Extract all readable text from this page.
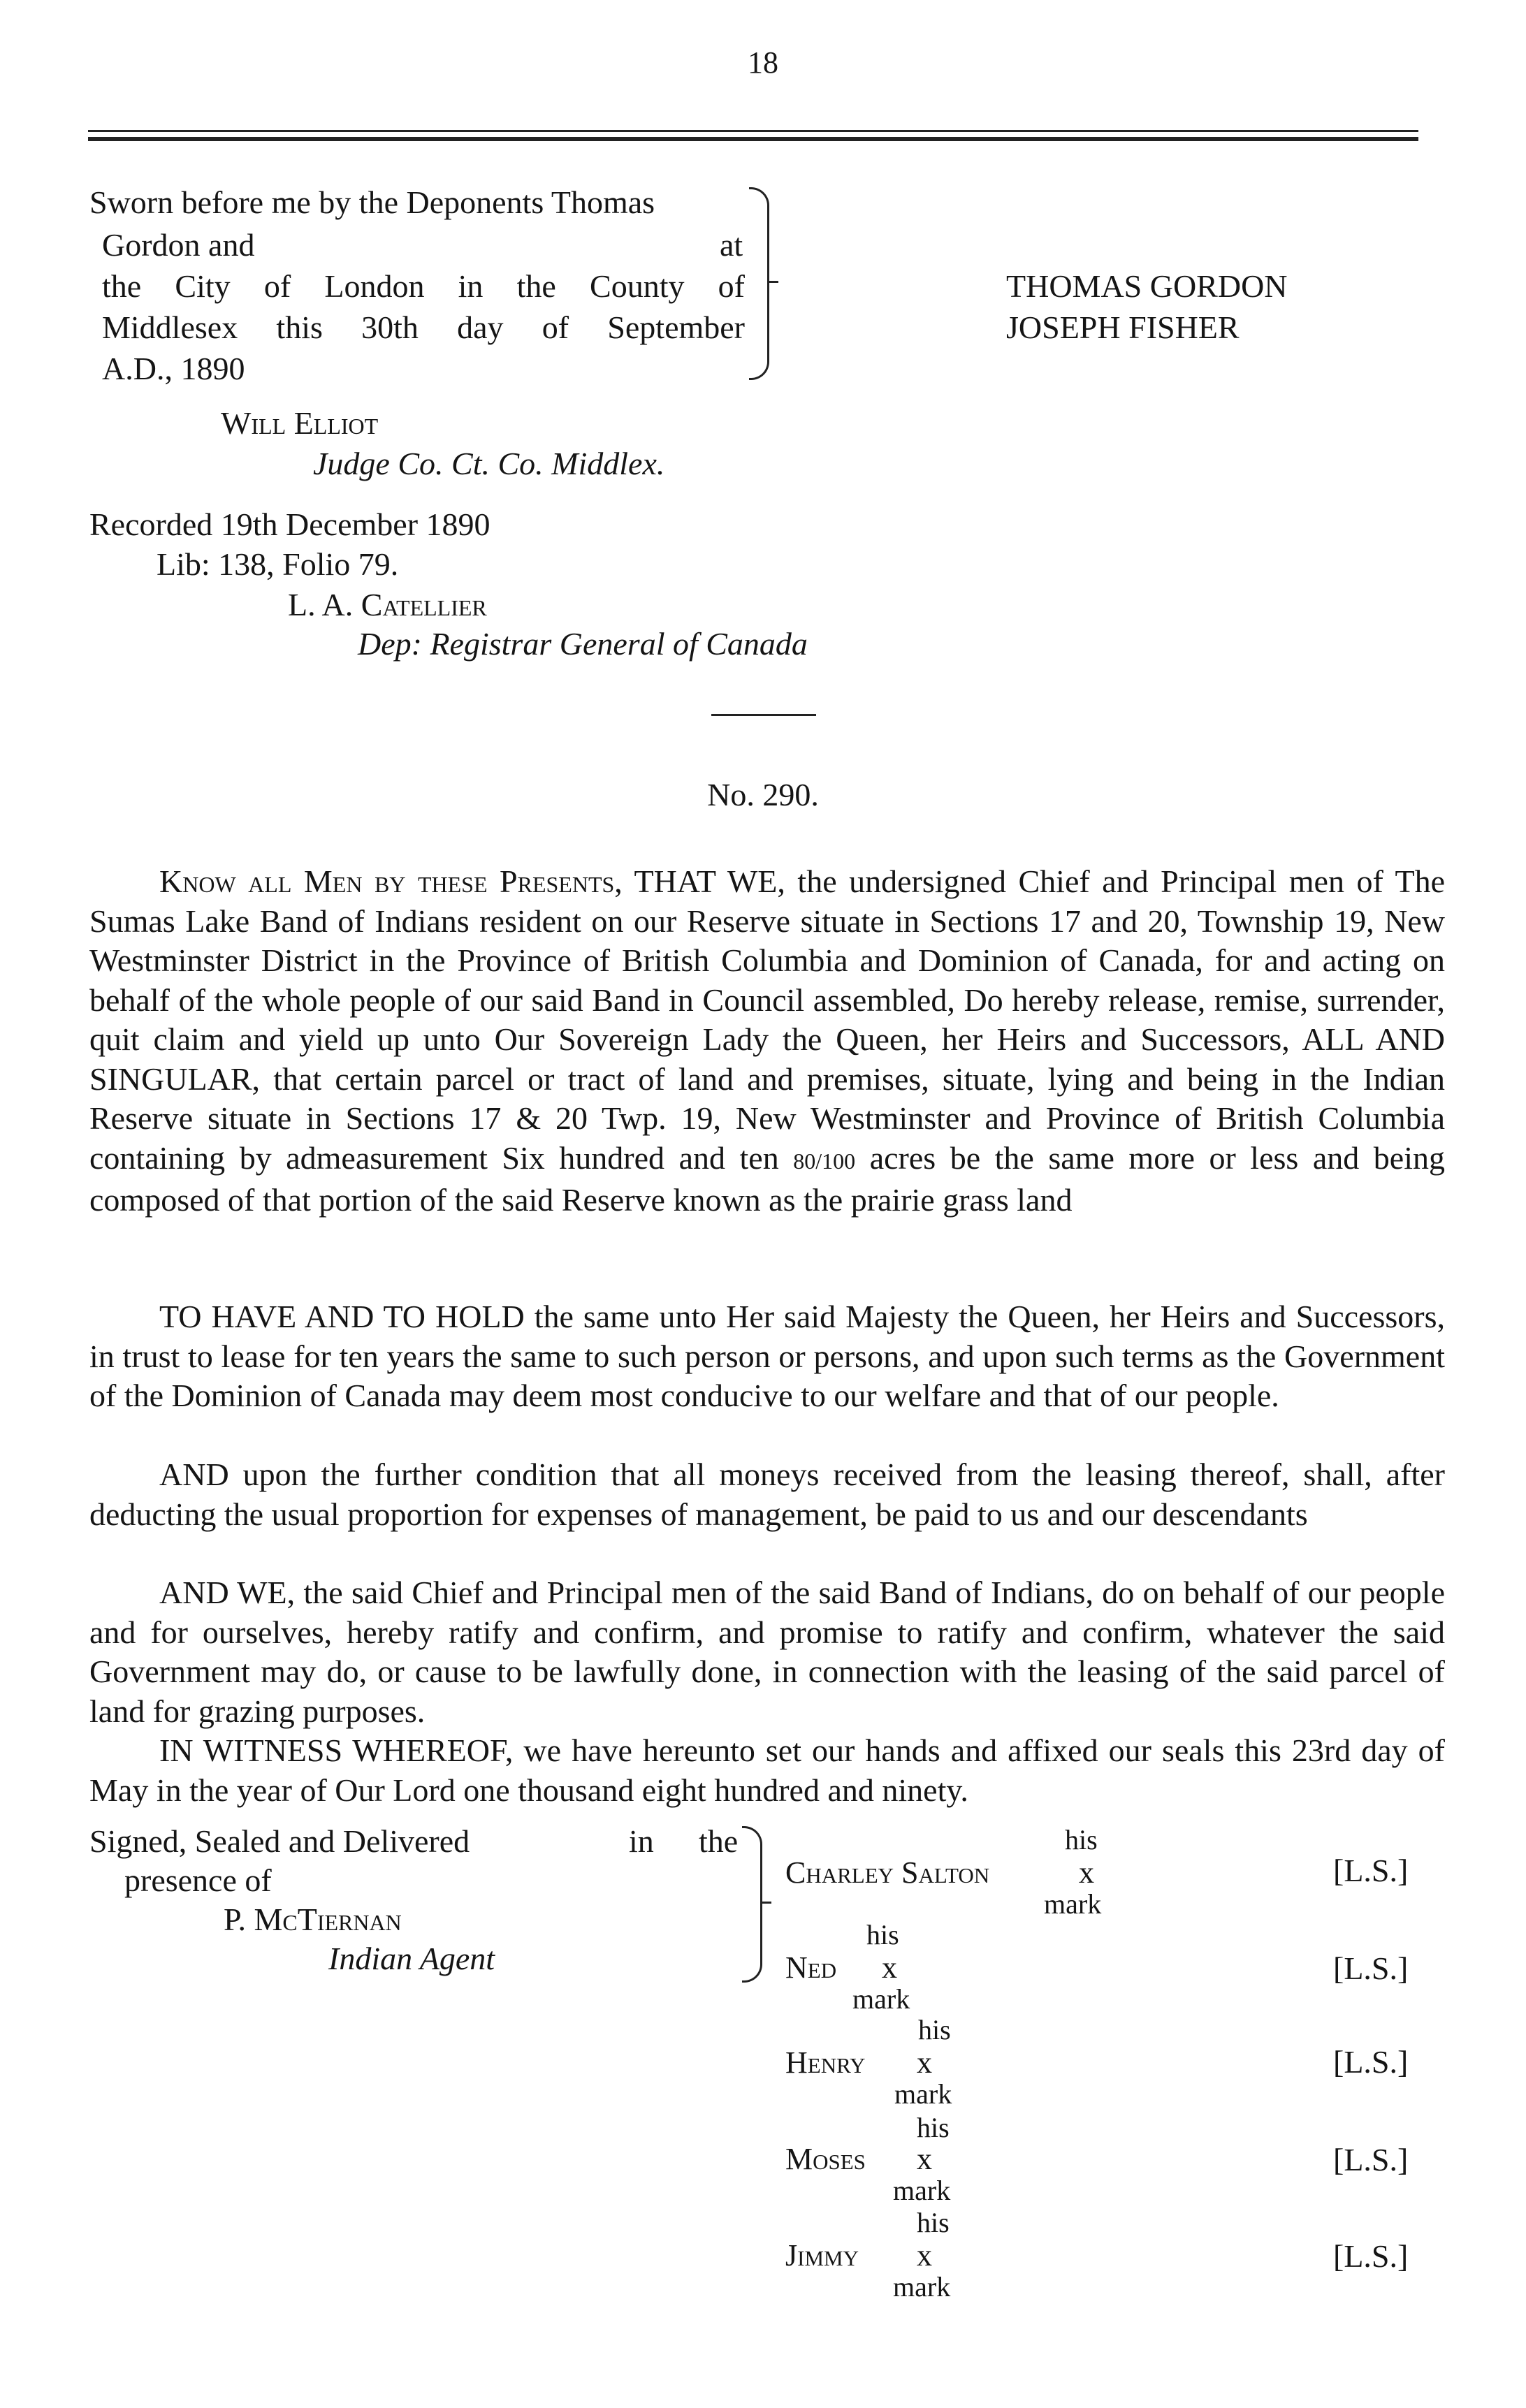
18
Sworn before me by the Deponents Thomas
Gordon and	at
the City of London in the County of
Middlesex this 30th day of September
A.D., 1890
THOMAS GORDON
JOSEPH FISHER
Will Elliot
Judge Co. Ct. Co. Middlex.
Recorded 19th December 1890
Lib: 138, Folio 79.
L. A. Catellier
Dep: Registrar General of Canada
No. 290.
Know all Men by these Presents, THAT WE, the undersigned Chief and Principal men of The Sumas Lake Band of Indians resident on our Reserve situate in Sections 17 and 20, Township 19, New Westminster District in the Province of British Columbia and Dominion of Canada, for and acting on behalf of the whole people of our said Band in Council assembled, Do hereby release, remise, surrender, quit claim and yield up unto Our Sovereign Lady the Queen, her Heirs and Successors, ALL AND SINGULAR, that certain parcel or tract of land and premises, situate, lying and being in the Indian Reserve situate in Sections 17 & 20 Twp. 19, New Westminster and Province of British Columbia containing by admeasurement Six hundred and ten 80/100 acres be the same more or less and being composed of that portion of the said Reserve known as the prairie grass land
TO HAVE AND TO HOLD the same unto Her said Majesty the Queen, her Heirs and Successors, in trust to lease for ten years the same to such person or persons, and upon such terms as the Government of the Dominion of Canada may deem most conducive to our welfare and that of our people.
AND upon the further condition that all moneys received from the leasing thereof, shall, after deducting the usual proportion for expenses of management, be paid to us and our descendants
AND WE, the said Chief and Principal men of the said Band of Indians, do on behalf of our people and for ourselves, hereby ratify and confirm, and promise to ratify and confirm, whatever the said Government may do, or cause to be lawfully done, in connection with the leasing of the said parcel of land for grazing purposes.
IN WITNESS WHEREOF, we have hereunto set our hands and affixed our seals this 23rd day of May in the year of Our Lord one thousand eight hundred and ninety.
Signed, Sealed and Delivered	in the
presence of
P. McTiernan
Indian Agent
his
Charley Salton	x
mark
[L.S.]
his
Ned x
mark
[L.S.]
his
Henry x
mark
[L.S.]
his
Moses x
mark
[L.S.]
his
Jimmy x
mark
[L.S.]
